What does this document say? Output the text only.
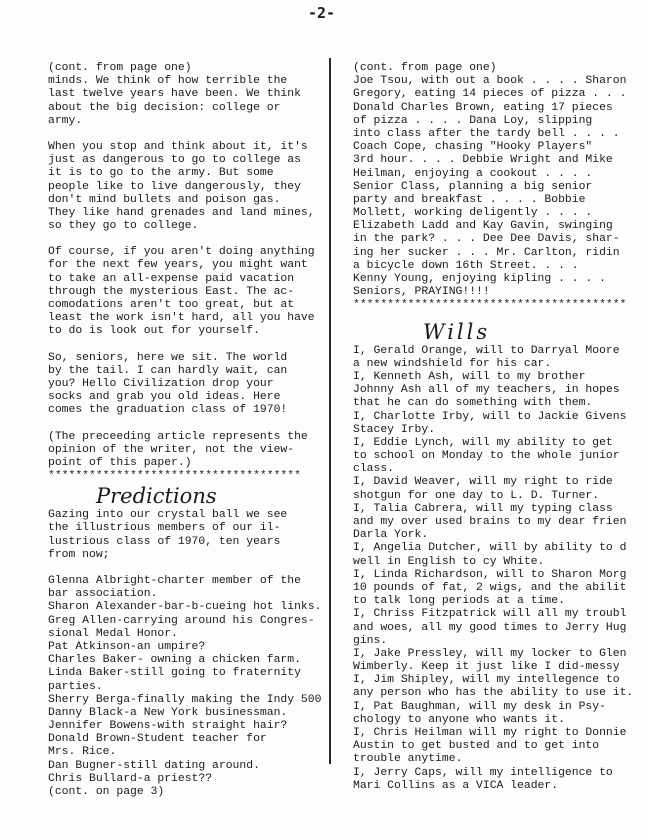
-2-
(cont. from page one)
minds. We think of how terrible the
last twelve years have been. We think
about the big decision: college or
army.
When you stop and think about it, it's
just as dangerous to go to college as
it is to go to the army. But some
people like to live dangerously, they
don't mind bullets and poison gas.
They like hand grenades and land mines,
so they go to college.
Of course, if you aren't doing anything
for the next few years, you might want
to take an all-expense paid vacation
through the mysterious East. The ac-
comodations aren't too great, but at
least the work isn't hard, all you have
to do is look out for yourself.
So, seniors, here we sit. The world
by the tail. I can hardly wait, can
you? Hello Civilization drop your
socks and grab you old ideas. Here
comes the graduation class of 1970!
(The preceeding article represents the
opinion of the writer, not the view-
point of this paper.)
*************************************
Predictions
Gazing into our crystal ball we see
the illustrious members of our il-
lustrious class of 1970, ten years
from now;
Glenna Albright-charter member of the
bar association.
Sharon Alexander-bar-b-cueing hot links.
Greg Allen-carrying around his Congres-
sional Medal Honor.
Pat Atkinson-an umpire?
Charles Baker- owning a chicken farm.
Linda Baker-still going to fraternity
parties.
Sherry Berga-finally making the Indy 500
Danny Black-a New York businessman.
Jennifer Bowens-with straight hair?
Donald Brown-Student teacher for
Mrs. Rice.
Dan Bugner-still dating around.
Chris Bullard-a priest??
(cont. on page 3)
(cont. from page one)
Joe Tsou, with out a book . . . . Sharon
Gregory, eating 14 pieces of pizza . . .
Donald Charles Brown, eating 17 pieces
of pizza . . . . Dana Loy, slipping
into class after the tardy bell . . . .
Coach Cope, chasing "Hooky Players"
3rd hour. . . . Debbie Wright and Mike
Heilman, enjoying a cookout . . . .
Senior Class, planning a big senior
party and breakfast . . . . Bobbie
Mollett, working deligently . . . .
Elizabeth Ladd and Kay Gavin, swinging
in the park? . . . Dee Dee Davis, shar-
ing her sucker . . . Mr. Carlton, ridin
a bicycle down 16th Street. . . .
Kenny Young, enjoying kipling . . . .
Seniors, PRAYING!!!!
****************************************
Wills
I, Gerald Orange, will to Darryal Moore
a new windshield for his car.
I, Kenneth Ash, will to my brother
Johnny Ash all of my teachers, in hopes
that he can do something with them.
I, Charlotte Irby, will to Jackie Givens
Stacey Irby.
I, Eddie Lynch, will my ability to get
to school on Monday to the whole junior
class.
I, David Weaver, will my right to ride
shotgun for one day to L. D. Turner.
I, Talia Cabrera, will my typing class
and my over used brains to my dear frien
Darla York.
I, Angelia Dutcher, will by ability to d
well in English to cy White.
I, Linda Richardson, will to Sharon Morg
10 pounds of fat, 2 wigs, and the abilit
to talk long periods at a time.
I, Chriss Fitzpatrick will all my troubl
and woes, all my good times to Jerry Hug
gins.
I, Jake Pressley, will my locker to Glen
Wimberly. Keep it just like I did-messy
I, Jim Shipley, will my intellegence to
any person who has the ability to use it.
I, Pat Baughman, will my desk in Psy-
chology to anyone who wants it.
I, Chris Heilman will my right to Donnie
Austin to get busted and to get into
trouble anytime.
I, Jerry Caps, will my intelligence to
Mari Collins as a VICA leader.
